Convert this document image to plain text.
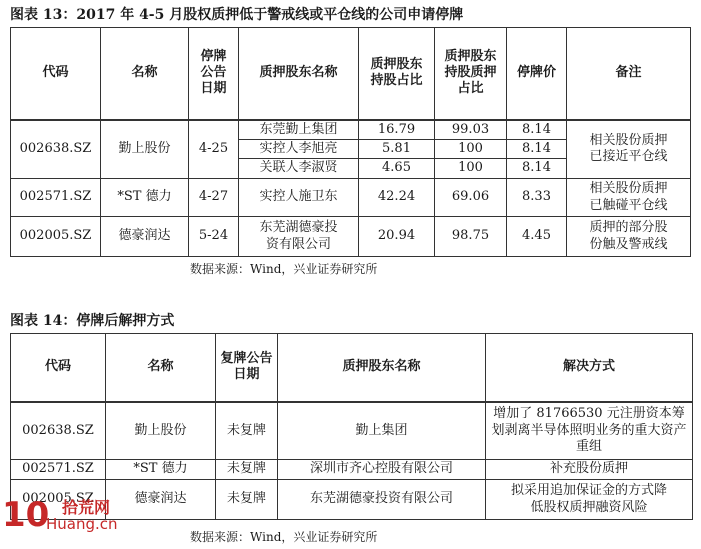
图表 13：2017 年 4-5 月股权质押低于警戒线或平仓线的公司申请停牌
代码	名称	停牌公告日期	质押股东名称	质押股东持股占比	质押股东持股质押占比	停牌价	备注
002638.SZ	勤上股份	4-25	东莞勤上集团	16.79	99.03	8.14	相关股份质押已接近平仓线
			实控人李旭亮	5.81	100	8.14	
			关联人李淑贤	4.65	100	8.14	
002571.SZ	*ST 德力	4-27	实控人施卫东	42.24	69.06	8.33	相关股份质押已触碰平仓线
002005.SZ	德豪润达	5-24	东芜湖德豪投资有限公司	20.94	98.75	4.45	质押的部分股份触及警戒线
数据来源：Wind，兴业证券研究所
图表 14：停牌后解押方式
代码	名称	复牌公告日期	质押股东名称	解决方式
002638.SZ	勤上股份	未复牌	勤上集团	增加了 81766530 元注册资本筹划剥离半导体照明业务的重大资产重组
002571.SZ	*ST 德力	未复牌	深圳市齐心控股有限公司	补充股份质押
002005.SZ	德豪润达	未复牌	东芜湖德豪投资有限公司	拟采用追加保证金的方式降低股权质押融资风险
数据来源：Wind，兴业证券研究所
10 拾荒网
Huang.cn
